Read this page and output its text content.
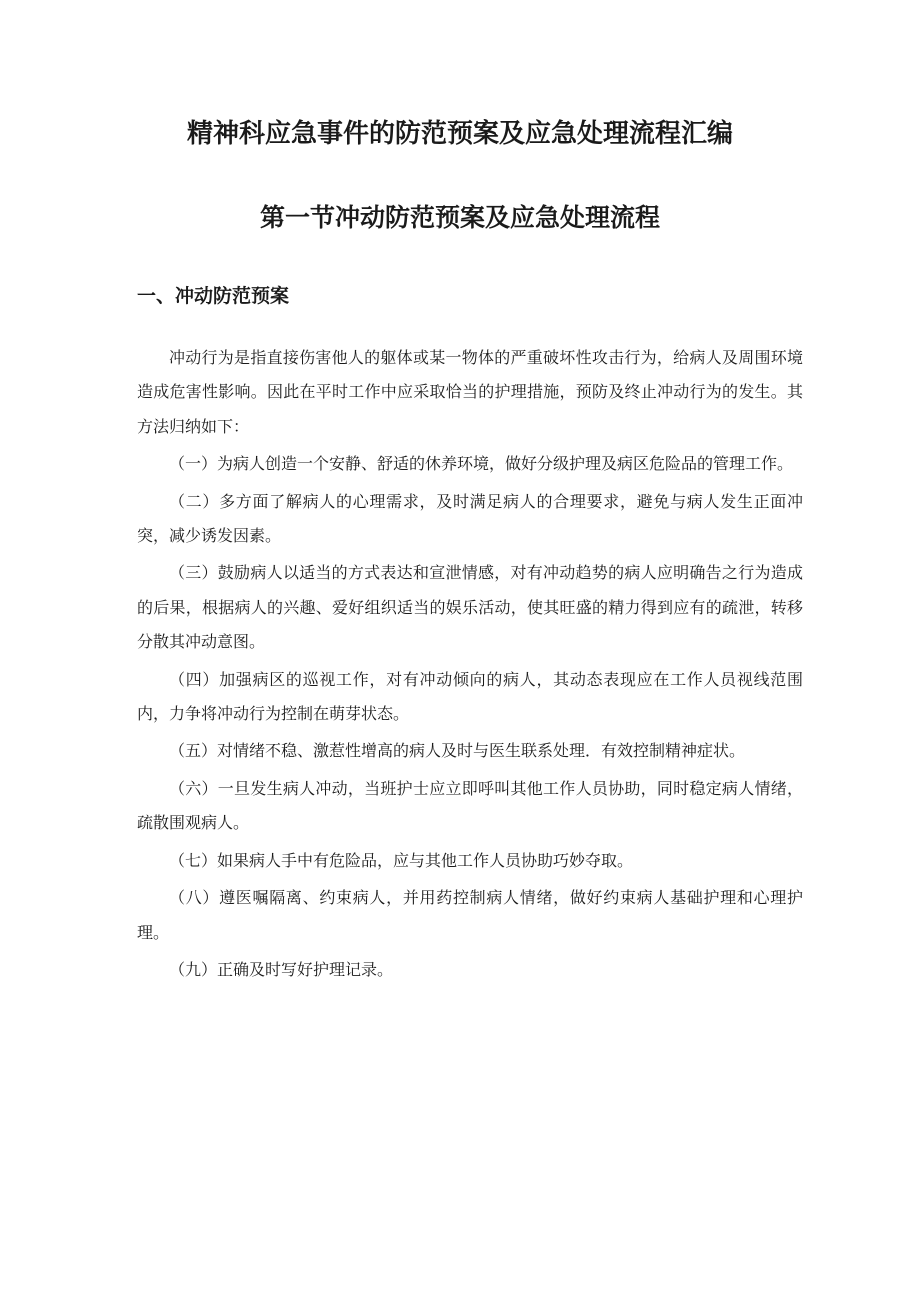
精神科应急事件的防范预案及应急处理流程汇编
第一节冲动防范预案及应急处理流程
一、冲动防范预案

冲动行为是指直接伤害他人的躯体或某一物体的严重破坏性攻击行为，给病人及周围环境造成危害性影响。因此在平时工作中应采取恰当的护理措施，预防及终止冲动行为的发生。其方法归纳如下：

（一）为病人创造一个安静、舒适的休养环境，做好分级护理及病区危险品的管理工作。

（二）多方面了解病人的心理需求，及时满足病人的合理要求，避免与病人发生正面冲突，减少诱发因素。

（三）鼓励病人以适当的方式表达和宣泄情感，对有冲动趋势的病人应明确告之行为造成的后果，根据病人的兴趣、爱好组织适当的娱乐活动，使其旺盛的精力得到应有的疏泄，转移分散其冲动意图。

（四）加强病区的巡视工作，对有冲动倾向的病人，其动态表现应在工作人员视线范围内，力争将冲动行为控制在萌芽状态。

（五）对情绪不稳、激惹性增高的病人及时与医生联系处理．有效控制精神症状。

（六）一旦发生病人冲动，当班护士应立即呼叫其他工作人员协助，同时稳定病人情绪，疏散围观病人。

（七）如果病人手中有危险品，应与其他工作人员协助巧妙夺取。

（八）遵医嘱隔离、约束病人，并用药控制病人情绪，做好约束病人基础护理和心理护理。

（九）正确及时写好护理记录。
